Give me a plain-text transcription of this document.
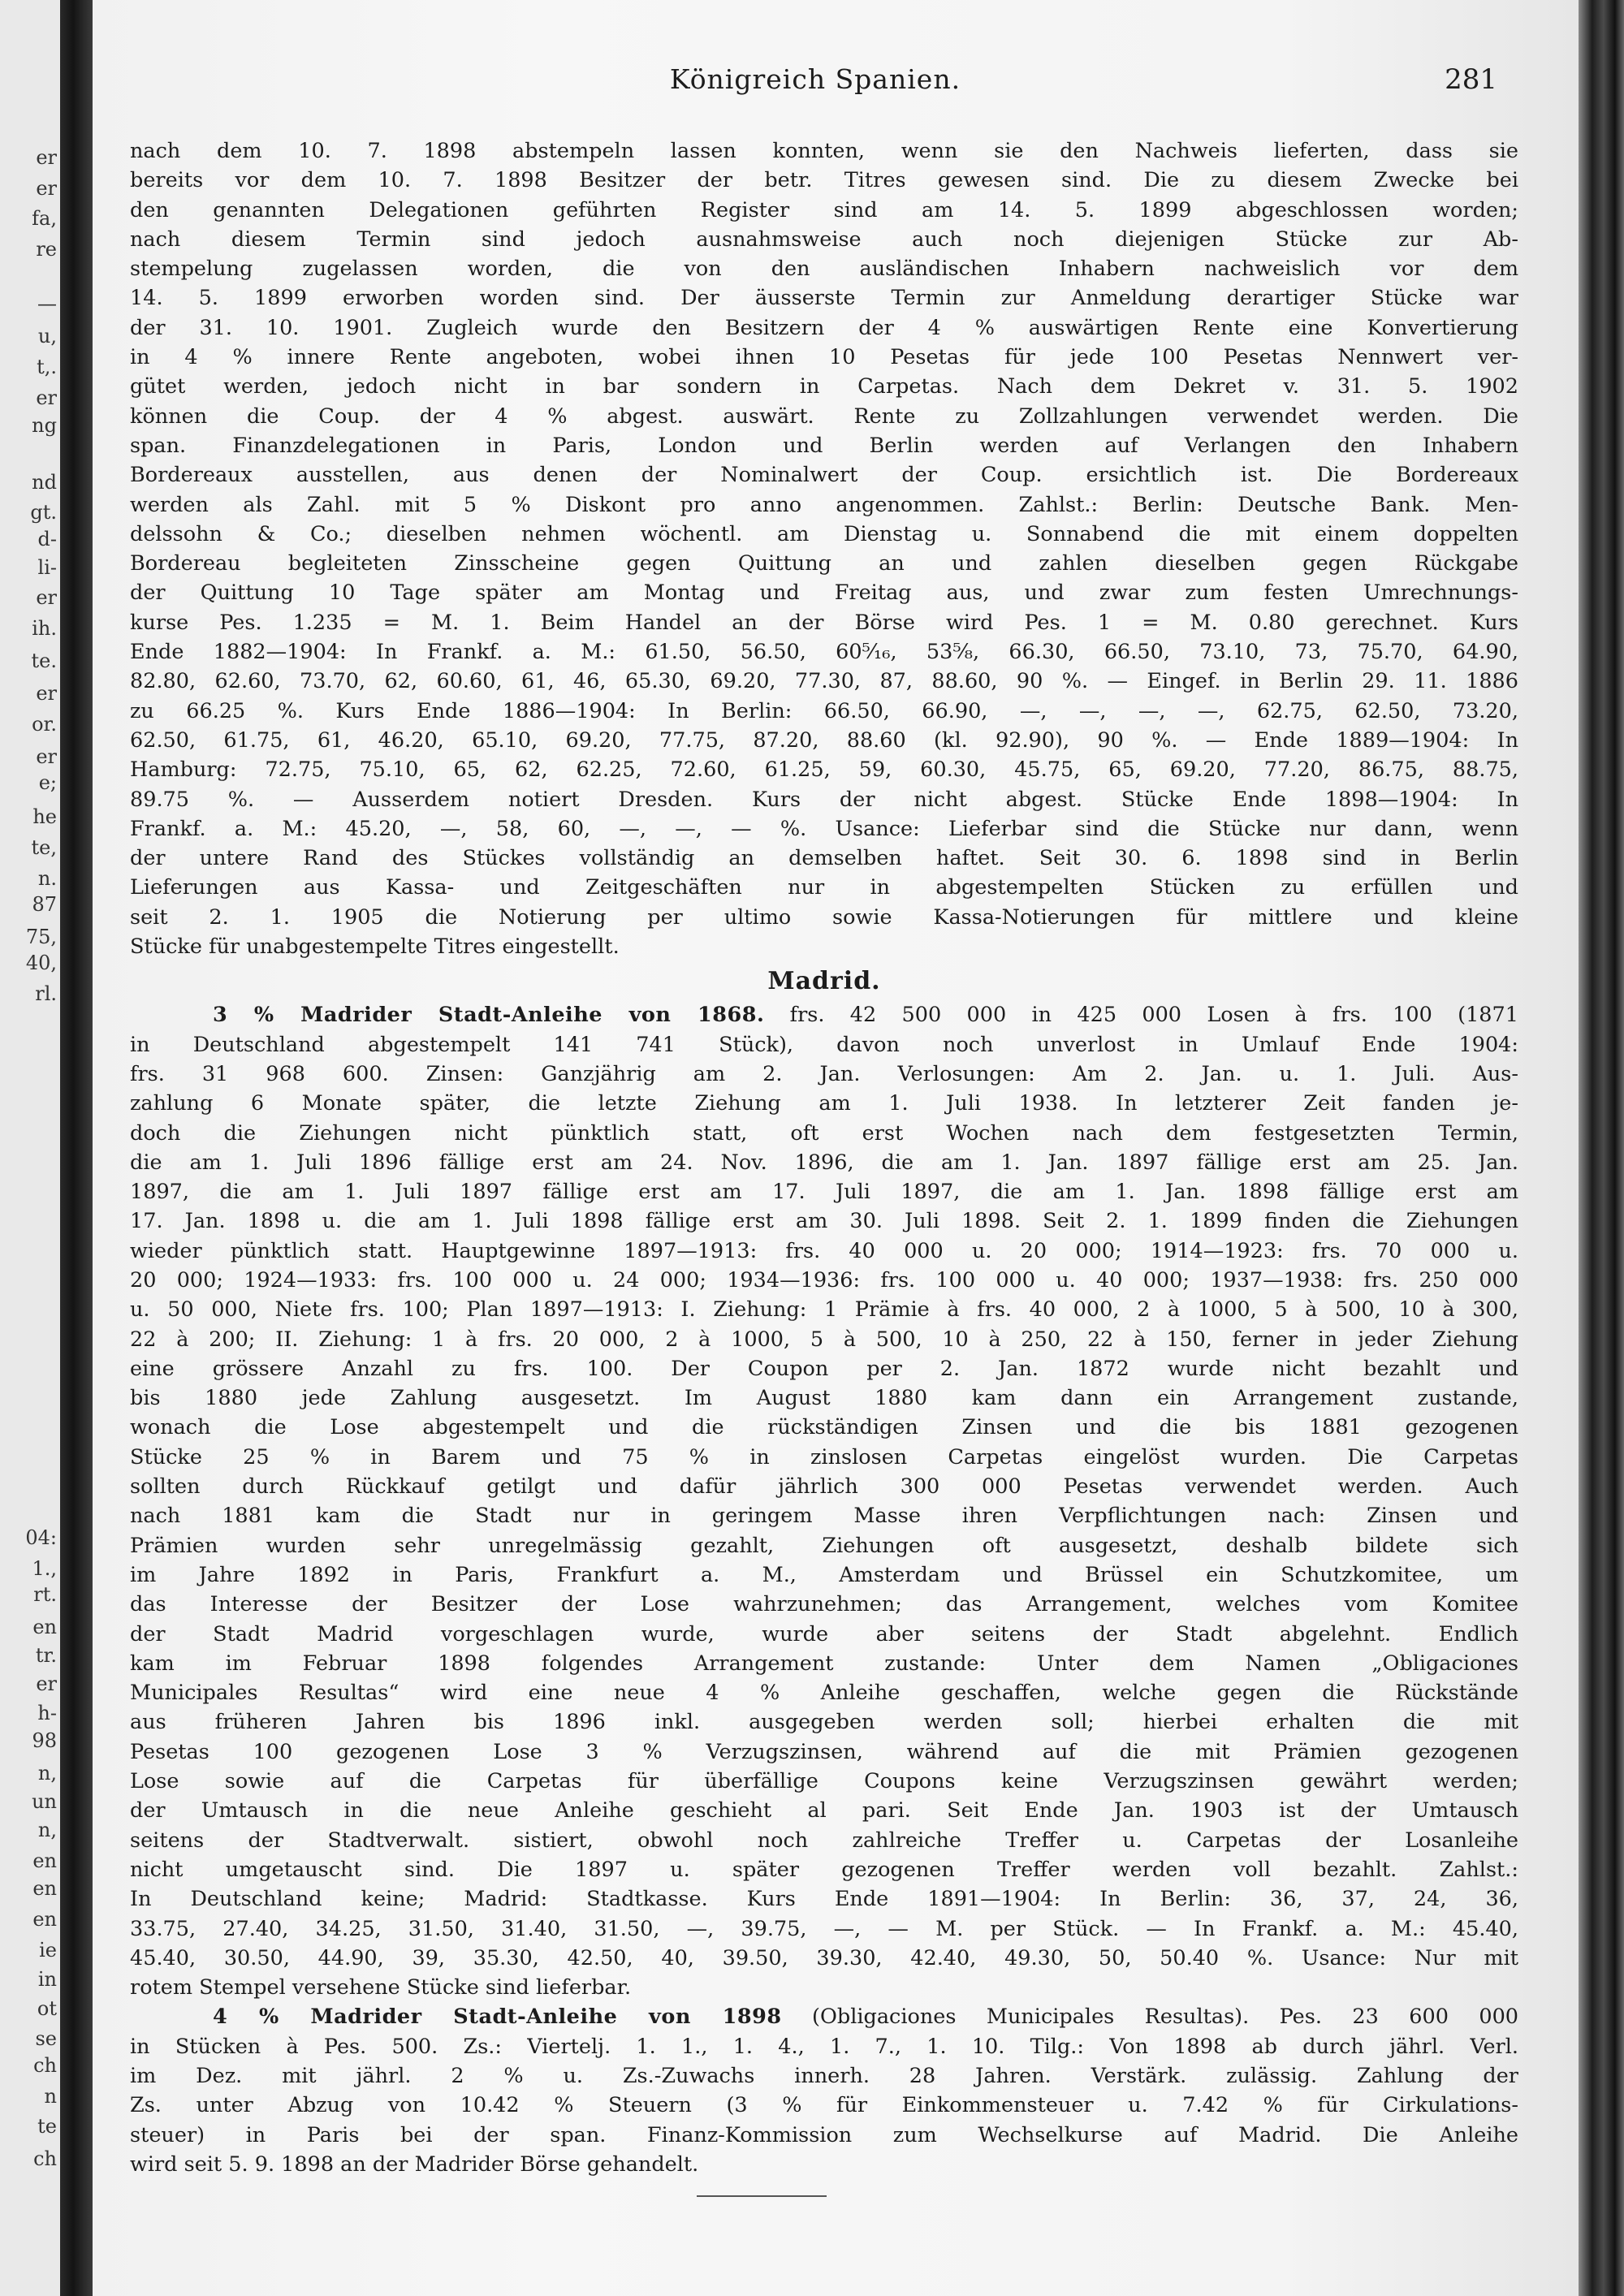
er
er
fa,
re
—
u,
t,.
er
ng
nd
gt.
d-
li-
er
ih.
te.
er
or.
er
e;
he
te,
n.
87
75,
40,
rl.
04:
1.,
rt.
en
tr.
er
h-
98
n,
un
n,
en
en
en
ie
in
ot
se
ch
n
te
ch
Königreich Spanien.	281
nach dem 10. 7. 1898 abstempeln lassen konnten, wenn sie den Nachweis lieferten, dass sie
bereits vor dem 10. 7. 1898 Besitzer der betr. Titres gewesen sind. Die zu diesem Zwecke bei
den genannten Delegationen geführten Register sind am 14. 5. 1899 abgeschlossen worden;
nach diesem Termin sind jedoch ausnahmsweise auch noch diejenigen Stücke zur Ab-
stempelung zugelassen worden, die von den ausländischen Inhabern nachweislich vor dem
14. 5. 1899 erworben worden sind. Der äusserste Termin zur Anmeldung derartiger Stücke war
der 31. 10. 1901. Zugleich wurde den Besitzern der 4 % auswärtigen Rente eine Konvertierung
in 4 % innere Rente angeboten, wobei ihnen 10 Pesetas für jede 100 Pesetas Nennwert ver-
gütet werden, jedoch nicht in bar sondern in Carpetas. Nach dem Dekret v. 31. 5. 1902
können die Coup. der 4 % abgest. auswärt. Rente zu Zollzahlungen verwendet werden. Die
span. Finanzdelegationen in Paris, London und Berlin werden auf Verlangen den Inhabern
Bordereaux ausstellen, aus denen der Nominalwert der Coup. ersichtlich ist. Die Bordereaux
werden als Zahl. mit 5 % Diskont pro anno angenommen. Zahlst.: Berlin: Deutsche Bank. Men-
delssohn & Co.; dieselben nehmen wöchentl. am Dienstag u. Sonnabend die mit einem doppelten
Bordereau begleiteten Zinsscheine gegen Quittung an und zahlen dieselben gegen Rückgabe
der Quittung 10 Tage später am Montag und Freitag aus, und zwar zum festen Umrechnungs-
kurse Pes. 1.235 = M. 1. Beim Handel an der Börse wird Pes. 1 = M. 0.80 gerechnet. Kurs
Ende 1882—1904: In Frankf. a. M.: 61.50, 56.50, 60⁵⁄₁₆, 53⁵⁄₈, 66.30, 66.50, 73.10, 73, 75.70, 64.90,
82.80, 62.60, 73.70, 62, 60.60, 61, 46, 65.30, 69.20, 77.30, 87, 88.60, 90 %. — Eingef. in Berlin 29. 11. 1886
zu 66.25 %. Kurs Ende 1886—1904: In Berlin: 66.50, 66.90, —, —, —, —, 62.75, 62.50, 73.20,
62.50, 61.75, 61, 46.20, 65.10, 69.20, 77.75, 87.20, 88.60 (kl. 92.90), 90 %. — Ende 1889—1904: In
Hamburg: 72.75, 75.10, 65, 62, 62.25, 72.60, 61.25, 59, 60.30, 45.75, 65, 69.20, 77.20, 86.75, 88.75,
89.75 %. — Ausserdem notiert Dresden. Kurs der nicht abgest. Stücke Ende 1898—1904: In
Frankf. a. M.: 45.20, —, 58, 60, —, —, — %. Usance: Lieferbar sind die Stücke nur dann, wenn
der untere Rand des Stückes vollständig an demselben haftet. Seit 30. 6. 1898 sind in Berlin
Lieferungen aus Kassa- und Zeitgeschäften nur in abgestempelten Stücken zu erfüllen und
seit 2. 1. 1905 die Notierung per ultimo sowie Kassa-Notierungen für mittlere und kleine
Stücke für unabgestempelte Titres eingestellt.
Madrid.
3 % Madrider Stadt-Anleihe von 1868. frs. 42 500 000 in 425 000 Losen à frs. 100 (1871
in Deutschland abgestempelt 141 741 Stück), davon noch unverlost in Umlauf Ende 1904:
frs. 31 968 600. Zinsen: Ganzjährig am 2. Jan. Verlosungen: Am 2. Jan. u. 1. Juli. Aus-
zahlung 6 Monate später, die letzte Ziehung am 1. Juli 1938. In letzterer Zeit fanden je-
doch die Ziehungen nicht pünktlich statt, oft erst Wochen nach dem festgesetzten Termin,
die am 1. Juli 1896 fällige erst am 24. Nov. 1896, die am 1. Jan. 1897 fällige erst am 25. Jan.
1897, die am 1. Juli 1897 fällige erst am 17. Juli 1897, die am 1. Jan. 1898 fällige erst am
17. Jan. 1898 u. die am 1. Juli 1898 fällige erst am 30. Juli 1898. Seit 2. 1. 1899 finden die Ziehungen
wieder pünktlich statt. Hauptgewinne 1897—1913: frs. 40 000 u. 20 000; 1914—1923: frs. 70 000 u.
20 000; 1924—1933: frs. 100 000 u. 24 000; 1934—1936: frs. 100 000 u. 40 000; 1937—1938: frs. 250 000
u. 50 000, Niete frs. 100; Plan 1897—1913: I. Ziehung: 1 Prämie à frs. 40 000, 2 à 1000, 5 à 500, 10 à 300,
22 à 200; II. Ziehung: 1 à frs. 20 000, 2 à 1000, 5 à 500, 10 à 250, 22 à 150, ferner in jeder Ziehung
eine grössere Anzahl zu frs. 100. Der Coupon per 2. Jan. 1872 wurde nicht bezahlt und
bis 1880 jede Zahlung ausgesetzt. Im August 1880 kam dann ein Arrangement zustande,
wonach die Lose abgestempelt und die rückständigen Zinsen und die bis 1881 gezogenen
Stücke 25 % in Barem und 75 % in zinslosen Carpetas eingelöst wurden. Die Carpetas
sollten durch Rückkauf getilgt und dafür jährlich 300 000 Pesetas verwendet werden. Auch
nach 1881 kam die Stadt nur in geringem Masse ihren Verpflichtungen nach: Zinsen und
Prämien wurden sehr unregelmässig gezahlt, Ziehungen oft ausgesetzt, deshalb bildete sich
im Jahre 1892 in Paris, Frankfurt a. M., Amsterdam und Brüssel ein Schutzkomitee, um
das Interesse der Besitzer der Lose wahrzunehmen; das Arrangement, welches vom Komitee
der Stadt Madrid vorgeschlagen wurde, wurde aber seitens der Stadt abgelehnt. Endlich
kam im Februar 1898 folgendes Arrangement zustande: Unter dem Namen „Obligaciones
Municipales Resultas“ wird eine neue 4 % Anleihe geschaffen, welche gegen die Rückstände
aus früheren Jahren bis 1896 inkl. ausgegeben werden soll; hierbei erhalten die mit
Pesetas 100 gezogenen Lose 3 % Verzugszinsen, während auf die mit Prämien gezogenen
Lose sowie auf die Carpetas für überfällige Coupons keine Verzugszinsen gewährt werden;
der Umtausch in die neue Anleihe geschieht al pari. Seit Ende Jan. 1903 ist der Umtausch
seitens der Stadtverwalt. sistiert, obwohl noch zahlreiche Treffer u. Carpetas der Losanleihe
nicht umgetauscht sind. Die 1897 u. später gezogenen Treffer werden voll bezahlt. Zahlst.:
In Deutschland keine; Madrid: Stadtkasse. Kurs Ende 1891—1904: In Berlin: 36, 37, 24, 36,
33.75, 27.40, 34.25, 31.50, 31.40, 31.50, —, 39.75, —, — M. per Stück. — In Frankf. a. M.: 45.40,
45.40, 30.50, 44.90, 39, 35.30, 42.50, 40, 39.50, 39.30, 42.40, 49.30, 50, 50.40 %. Usance: Nur mit
rotem Stempel versehene Stücke sind lieferbar.
4 % Madrider Stadt-Anleihe von 1898 (Obligaciones Municipales Resultas). Pes. 23 600 000
in Stücken à Pes. 500. Zs.: Viertelj. 1. 1., 1. 4., 1. 7., 1. 10. Tilg.: Von 1898 ab durch jährl. Verl.
im Dez. mit jährl. 2 % u. Zs.-Zuwachs innerh. 28 Jahren. Verstärk. zulässig. Zahlung der
Zs. unter Abzug von 10.42 % Steuern (3 % für Einkommensteuer u. 7.42 % für Cirkulations-
steuer) in Paris bei der span. Finanz-Kommission zum Wechselkurse auf Madrid. Die Anleihe
wird seit 5. 9. 1898 an der Madrider Börse gehandelt.
